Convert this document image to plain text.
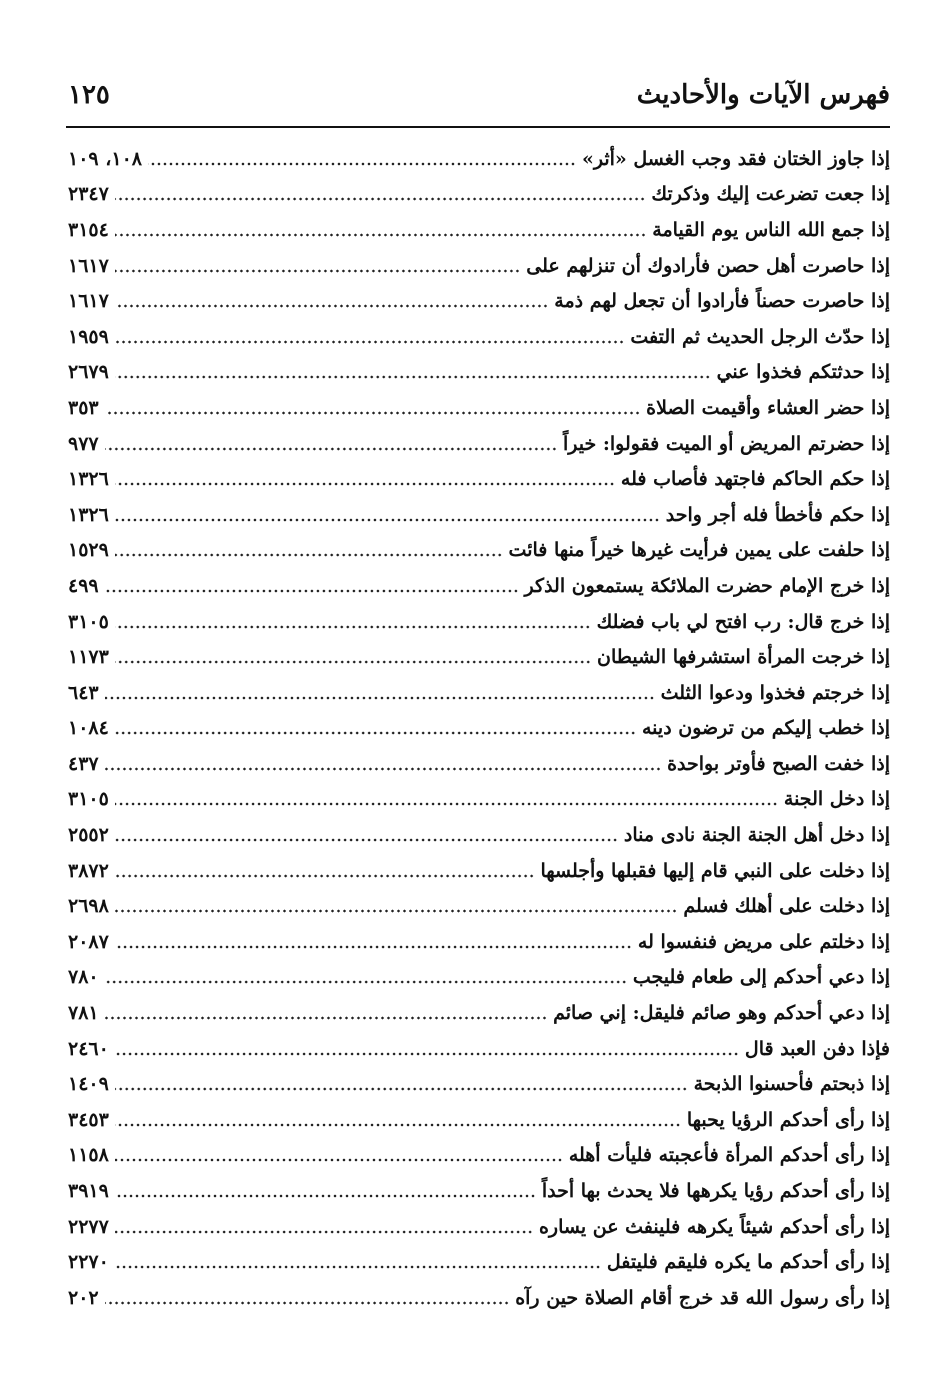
فهرس الآيات والأحاديث
١٢٥
إذا جاوز الختان فقد وجب الغسل «أثر»
١٠٨، ١٠٩
إذا جعت تضرعت إليك وذكرتك
٢٣٤٧
إذا جمع الله الناس يوم القيامة
٣١٥٤
إذا حاصرت أهل حصن فأرادوك أن تنزلهم على
١٦١٧
إذا حاصرت حصناً فأرادوا أن تجعل لهم ذمة
١٦١٧
إذا حدّث الرجل الحديث ثم التفت
١٩٥٩
إذا حدثتكم فخذوا عني
٢٦٧٩
إذا حضر العشاء وأقيمت الصلاة
٣٥٣
إذا حضرتم المريض أو الميت فقولوا: خيراً
٩٧٧
إذا حكم الحاكم فاجتهد فأصاب فله
١٣٢٦
إذا حكم فأخطأ فله أجر واحد
١٣٢٦
إذا حلفت على يمين فرأيت غيرها خيراً منها فائت
١٥٢٩
إذا خرج الإمام حضرت الملائكة يستمعون الذكر
٤٩٩
إذا خرج قال: رب افتح لي باب فضلك
٣١٠٥
إذا خرجت المرأة استشرفها الشيطان
١١٧٣
إذا خرجتم فخذوا ودعوا الثلث
٦٤٣
إذا خطب إليكم من ترضون دينه
١٠٨٤
إذا خفت الصبح فأوتر بواحدة
٤٣٧
إذا دخل الجنة
٣١٠٥
إذا دخل أهل الجنة الجنة نادى مناد
٢٥٥٢
إذا دخلت على النبي قام إليها فقبلها وأجلسها
٣٨٧٢
إذا دخلت على أهلك فسلم
٢٦٩٨
إذا دخلتم على مريض فنفسوا له
٢٠٨٧
إذا دعي أحدكم إلى طعام فليجب
٧٨٠
إذا دعي أحدكم وهو صائم فليقل: إني صائم
٧٨١
فإذا دفن العبد قال
٢٤٦٠
إذا ذبحتم فأحسنوا الذبحة
١٤٠٩
إذا رأى أحدكم الرؤيا يحبها
٣٤٥٣
إذا رأى أحدكم المرأة فأعجبته فليأت أهله
١١٥٨
إذا رأى أحدكم رؤيا يكرهها فلا يحدث بها أحداً
٣٩١٩
إذا رأى أحدكم شيئاً يكرهه فلينفث عن يساره
٢٢٧٧
إذا رأى أحدكم ما يكره فليقم فليتفل
٢٢٧٠
إذا رأى رسول الله قد خرج أقام الصلاة حين رآه
٢٠٢
